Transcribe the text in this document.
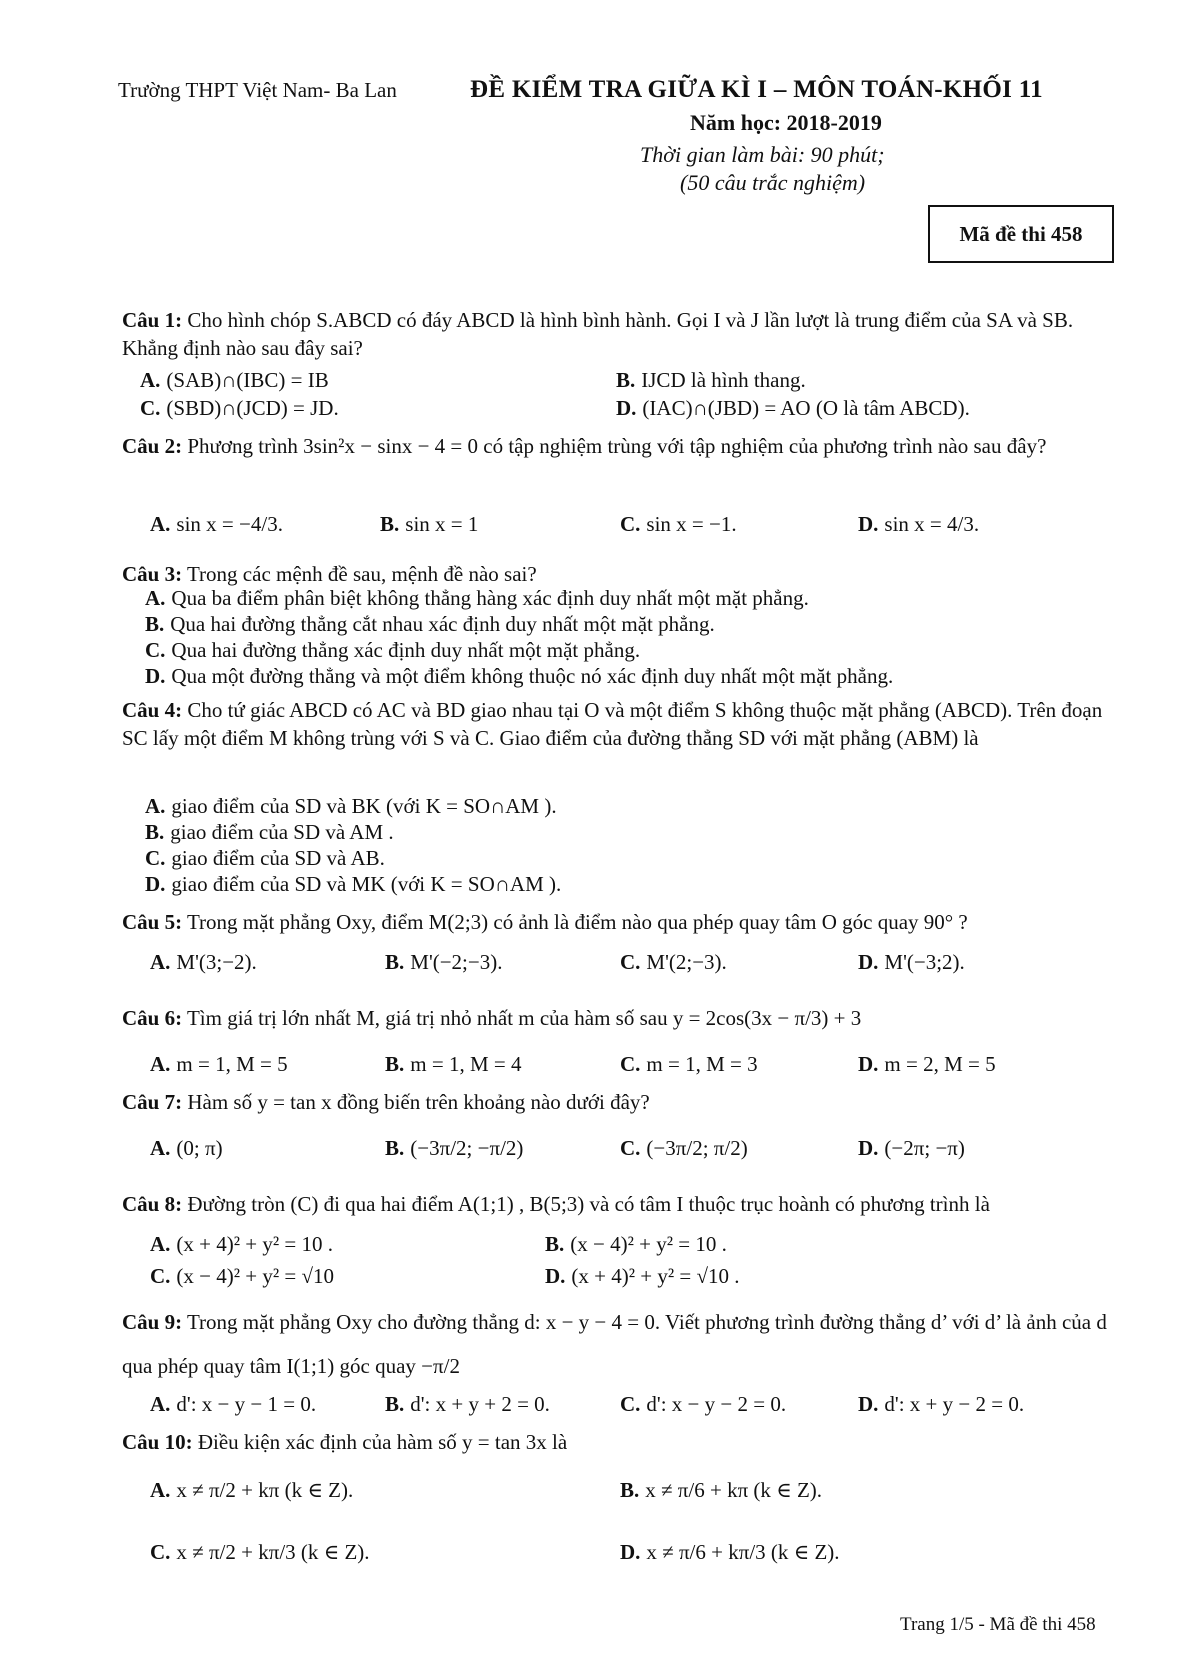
Trường THPT Việt Nam- Ba Lan	ĐỀ KIỂM TRA GIỮA KÌ I – MÔN TOÁN-KHỐI 11
Năm học: 2018-2019
Thời gian làm bài: 90 phút;
(50 câu trắc nghiệm)
Mã đề thi 458
Câu 1: Cho hình chóp S.ABCD có đáy ABCD là hình bình hành. Gọi I và J lần lượt là trung điểm của SA và SB. Khẳng định nào sau đây sai?
A. (SAB)∩(IBC) = IB	B. IJCD là hình thang.
C. (SBD)∩(JCD) = JD.	D. (IAC)∩(JBD) = AO (O là tâm ABCD).
Câu 2: Phương trình 3sin²x − sinx − 4 = 0 có tập nghiệm trùng với tập nghiệm của phương trình nào sau đây?
A. sin x = −4/3.	B. sin x = 1	C. sin x = −1.	D. sin x = 4/3.
Câu 3: Trong các mệnh đề sau, mệnh đề nào sai?
A. Qua ba điểm phân biệt không thẳng hàng xác định duy nhất một mặt phẳng.
B. Qua hai đường thẳng cắt nhau xác định duy nhất một mặt phẳng.
C. Qua hai đường thẳng xác định duy nhất một mặt phẳng.
D. Qua một đường thẳng và một điểm không thuộc nó xác định duy nhất một mặt phẳng.
Câu 4: Cho tứ giác ABCD có AC và BD giao nhau tại O và một điểm S không thuộc mặt phẳng (ABCD). Trên đoạn SC lấy một điểm M không trùng với S và C. Giao điểm của đường thẳng SD với mặt phẳng (ABM) là
A. giao điểm của SD và BK (với K = SO∩AM ).
B. giao điểm của SD và AM .
C. giao điểm của SD và AB.
D. giao điểm của SD và MK (với K = SO∩AM ).
Câu 5: Trong mặt phẳng Oxy, điểm M(2;3) có ảnh là điểm nào qua phép quay tâm O góc quay 90° ?
A. M'(3;−2).	B. M'(−2;−3).	C. M'(2;−3).	D. M'(−3;2).
Câu 6: Tìm giá trị lớn nhất M, giá trị nhỏ nhất m của hàm số sau y = 2cos(3x − π/3) + 3
A. m = 1, M = 5	B. m = 1, M = 4	C. m = 1, M = 3	D. m = 2, M = 5
Câu 7: Hàm số y = tan x đồng biến trên khoảng nào dưới đây?
A. (0; π)	B. (−3π/2; −π/2)	C. (−3π/2; π/2)	D. (−2π; −π)
Câu 8: Đường tròn (C) đi qua hai điểm A(1;1) , B(5;3) và có tâm I thuộc trục hoành có phương trình là
A. (x + 4)² + y² = 10 .	B. (x − 4)² + y² = 10 .
C. (x − 4)² + y² = √10	D. (x + 4)² + y² = √10 .
Câu 9: Trong mặt phẳng Oxy cho đường thẳng d: x − y − 4 = 0. Viết phương trình đường thẳng d’ với d’ là ảnh của d qua phép quay tâm I(1;1) góc quay −π/2
A. d': x − y − 1 = 0.	B. d': x + y + 2 = 0.	C. d': x − y − 2 = 0.	D. d': x + y − 2 = 0.
Câu 10: Điều kiện xác định của hàm số y = tan 3x là
A. x ≠ π/2 + kπ (k ∈ Z).	B. x ≠ π/6 + kπ (k ∈ Z).
C. x ≠ π/2 + kπ/3 (k ∈ Z).	D. x ≠ π/6 + kπ/3 (k ∈ Z).
Trang 1/5 - Mã đề thi 458
